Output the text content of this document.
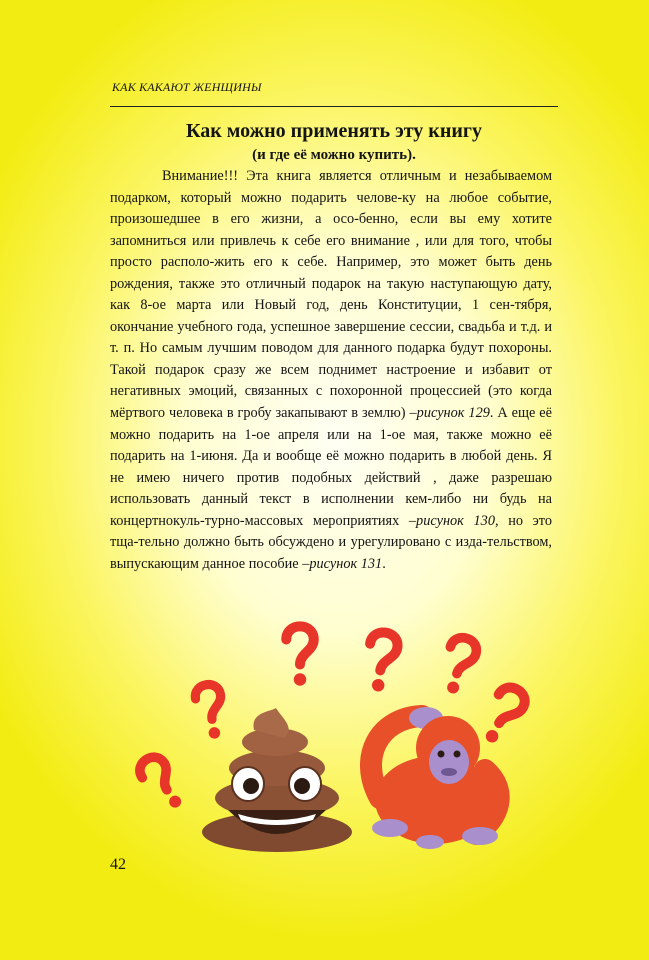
КАК КАКАЮТ ЖЕНЩИНЫ
Как можно применять эту книгу
(и где её можно купить).

Внимание!!! Эта книга является отличным и незабываемом подарком, который можно подарить челове-ку на любое событие, произошедшее в его жизни, а осо-бенно, если вы ему хотите запомниться или привлечь к себе его внимание , или для того, чтобы просто располо-жить его к себе. Например, это может быть день рождения, также это отличный подарок на такую наступающую дату, как 8-ое марта или Новый год, день Конституции, 1 сен-тября, окончание учебного года, успешное завершение сессии, свадьба и т.д. и т. п. Но самым лучшим поводом для данного подарка будут похороны. Такой подарок сразу же всем поднимет настроение и избавит от негативных эмоций, связанных с похоронной процессией (это когда мёртвого человека в гробу закапывают в землю) –рисунок 129. А еще её можно подарить на 1-ое апреля или на 1-ое мая, также можно её подарить на 1-июня. Да и вообще её можно подарить в любой день. Я не имею ничего против подобных действий , даже разрешаю использовать данный текст в исполнении кем-либо ни будь на концертнокуль-турно-массовых мероприятиях –рисунок 130, но это тща-тельно должно быть обсуждено и урегулировано с изда-тельством, выпускающим данное пособие –рисунок 131.

42
